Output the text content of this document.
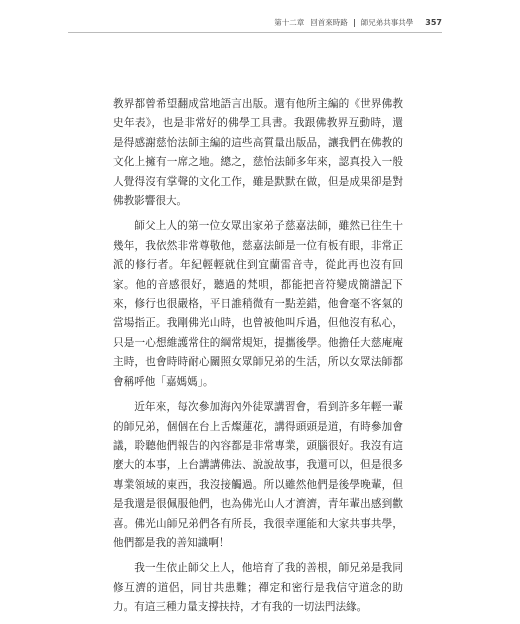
第十二章 回首來時路 師兄弟共事共學 357

教界都曾希望翻成當地語言出版。還有他所主編的《世界佛教史年表》，也是非常好的佛學工具書。我跟佛教界互動時，還是得感謝慈怡法師主編的這些高質量出版品，讓我們在佛教的文化上擁有一席之地。總之，慈怡法師多年來，認真投入一般人覺得沒有掌聲的文化工作，雖是默默在做，但是成果卻是對佛教影響很大。

師父上人的第一位女眾出家弟子慈嘉法師，雖然已往生十幾年，我依然非常尊敬他，慈嘉法師是一位有板有眼，非常正派的修行者。年紀輕輕就住到宜蘭雷音寺，從此再也沒有回家。他的音感很好，聽過的梵唄，都能把音符變成簡譜記下來，修行也很嚴格，平日誰稍微有一點差錯，他會毫不客氣的當場指正。我剛佛光山時，也曾被他叫斥過，但他沒有私心，只是一心想維護常住的綱常規矩，提攜後學。他擔任大慈庵庵主時，也會時時耐心關照女眾師兄弟的生活，所以女眾法師都會稱呼他「嘉媽媽」。

近年來，每次參加海內外徒眾講習會，看到許多年輕一輩的師兄弟，個個在台上舌燦蓮花，講得頭頭是道，有時參加會議，聆聽他們報告的內容都是非常專業，頭腦很好。我沒有這麼大的本事，上台講講佛法、說說故事，我還可以，但是很多專業領域的東西，我沒接觸過。所以雖然他們是後學晚輩，但是我還是很佩服他們，也為佛光山人才濟濟，青年輩出感到歡喜。佛光山師兄弟們各有所長，我很幸運能和大家共事共學，他們都是我的善知識啊！

我一生依止師父上人，他培育了我的善根，師兄弟是我同修互濟的道侶，同甘共患難；禪定和密行是我信守道念的助力。有這三種力量支撐扶持，才有我的一切法門法緣。
